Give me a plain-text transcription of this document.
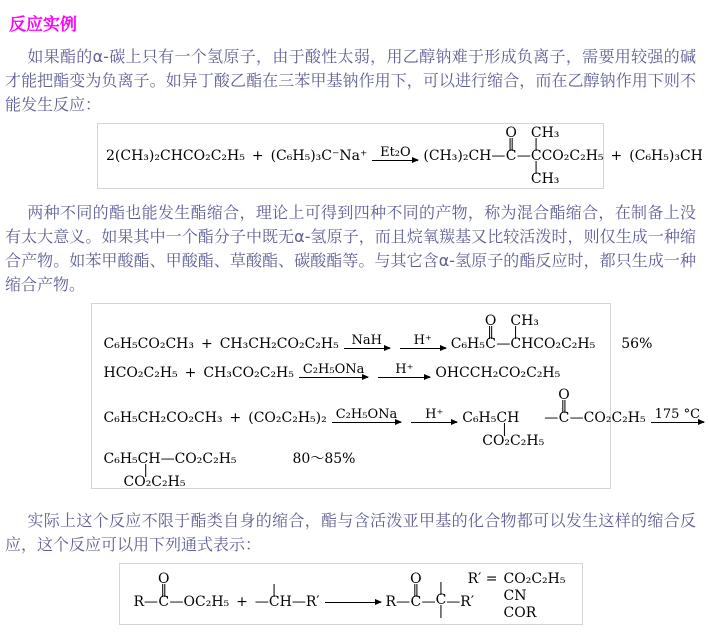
反应实例

如果酯的α-碳上只有一个氢原子，由于酸性太弱，用乙醇钠难于形成负离子，需要用较强的碱才能把酯变为负离子。如异丁酸乙酯在三苯甲基钠作用下，可以进行缩合，而在乙醇钠作用下则不能发生反应：

2(CH₃)₂CHCO₂C₂H₅ + (C₆H₅)₃C⁻Na⁺ Et₂O (CH₃)₂CH—
O
‖
C —
CH₃
|
CCO₂C₂H₅
|
CH₃
+ (C₆H₅)₃CH

两种不同的酯也能发生酯缩合，理论上可得到四种不同的产物，称为混合酯缩合，在制备上没有太大意义。如果其中一个酯分子中既无α-氢原子，而且烷氧羰基又比较活泼时，则仅生成一种缩合产物。如苯甲酸酯、甲酸酯、草酸酯、碳酸酯等。与其它含α-氢原子的酯反应时，都只生成一种缩合产物。

C₆H₅CO₂CH₃ + CH₃CH₂CO₂C₂H₅ NaH	H⁺	C₆H₅
O
‖
C —
CH₃
|
CHCO₂C₂H₅ 56%
HCO₂C₂H₅ + CH₃CO₂C₂H₅ C₂H₅ONa	H⁺	OHCCH₂CO₂C₂H₅
C₆H₅CH₂CO₂CH₃ + (CO₂C₂H₅)₂ C₂H₅ONa	H⁺	C₆H₅CH
|
CO₂C₂H₅
—
O
‖
C —CO₂C₂H₅ 175 °C
C₆H₅CH—CO₂C₂H₅
|
CO₂C₂H₅
80～85%

实际上这个反应不限于酯类自身的缩合，酯与含活泼亚甲基的化合物都可以发生这样的缩合反应，这个反应可以用下列通式表示：

R—
O
‖
C —OC₂H₅ + —
|
CH —R′ → R—
O
‖
C —
|
C
|
—R′
R′ = CO₂C₂H₅
CN
COR
